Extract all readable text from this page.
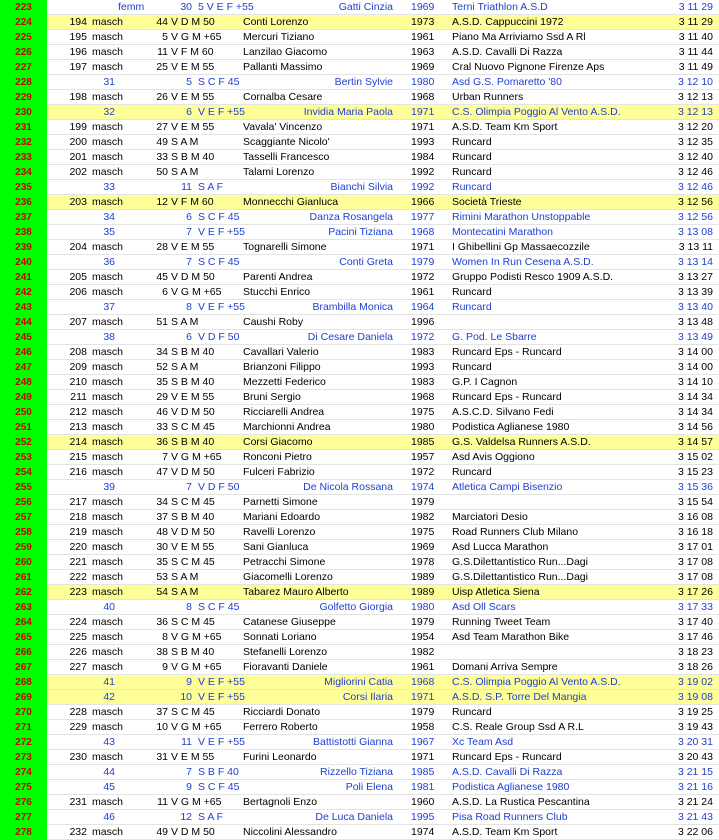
223	femm	30 5 V E F +55	Gatti Cinzia 1969	Terni Triathlon A.S.D	3 11 29
224	194 masch	44 V D M 50	Conti Lorenzo	1973	A.S.D. Cappuccini 1972	3 11 29
225	195 masch	5 V G M +65	Mercuri Tiziano	1961	Piano Ma Arriviamo Ssd A Rl	3 11 40
226	196 masch	11 V F M 60	Lanzilao Giacomo	1963	A.S.D. Cavalli Di Razza	3 11 44
227	197 masch	25 V E M 55	Pallanti Massimo	1969	Cral Nuovo Pignone Firenze Aps	3 11 49
228	31	5 S C F 45	Bertin Sylvie 1980	Asd G.S. Pomaretto '80	3 12 10
229	198 masch	26 V E M 55	Cornalba Cesare	1968	Urban Runners	3 12 13
230	32	6 V E F +55	Invidia Maria Paola 1971	C.S. Olimpia Poggio Al Vento A.S.D.	3 12 13
231	199 masch	27 V E M 55	Vavala' Vincenzo	1971	A.S.D. Team Km Sport	3 12 20
232	200 masch	49 S A M	Scaggiante Nicolo'	1993	Runcard	3 12 35
233	201 masch	33 S B M 40	Tasselli Francesco	1984	Runcard	3 12 40
234	202 masch	50 S A M	Talami Lorenzo	1992	Runcard	3 12 46
235	33	11 S A F	Bianchi Silvia 1992	Runcard	3 12 46
236	203 masch	12 V F M 60	Monnecchi Gianluca	1966	Società Trieste	3 12 56
237	34	6 S C F 45	Danza Rosangela 1977	Rimini Marathon Unstoppable	3 12 56
238	35	7 V E F +55	Pacini Tiziana 1968	Montecatini Marathon	3 13 08
239	204 masch	28 V E M 55	Tognarelli Simone	1971	I Ghibellini Gp Massaecozzile	3 13 11
240	36	7 S C F 45	Conti Greta 1979	Women In Run Cesena A.S.D.	3 13 14
241	205 masch	45 V D M 50	Parenti Andrea	1972	Gruppo Podisti Resco 1909 A.S.D.	3 13 27
242	206 masch	6 V G M +65	Stucchi Enrico	1961	Runcard	3 13 39
243	37	8 V E F +55	Brambilla Monica 1964	Runcard	3 13 40
244	207 masch	51 S A M	Caushi Roby	1996	3 13 48
245	38	6 V D F 50	Di Cesare Daniela 1972	G. Pod. Le Sbarre	3 13 49
246	208 masch	34 S B M 40	Cavallari Valerio	1983	Runcard Eps - Runcard	3 14 00
247	209 masch	52 S A M	Brianzoni Filippo	1993	Runcard	3 14 00
248	210 masch	35 S B M 40	Mezzetti Federico	1983	G.P. I Cagnon	3 14 10
249	211 masch	29 V E M 55	Bruni Sergio	1968	Runcard Eps - Runcard	3 14 34
250	212 masch	46 V D M 50	Ricciarelli Andrea	1975	A.S.C.D. Silvano Fedi	3 14 34
251	213 masch	33 S C M 45	Marchionni Andrea	1980	Podistica Aglianese 1980	3 14 56
252	214 masch	36 S B M 40	Corsi Giacomo	1985	G.S. Valdelsa Runners A.S.D.	3 14 57
253	215 masch	7 V G M +65	Ronconi Pietro	1957	Asd Avis Oggiono	3 15 02
254	216 masch	47 V D M 50	Fulceri Fabrizio	1972	Runcard	3 15 23
255	39	7 V D F 50	De Nicola Rossana 1974	Atletica Campi Bisenzio	3 15 36
256	217 masch	34 S C M 45	Parnetti Simone	1979	3 15 54
257	218 masch	37 S B M 40	Mariani Edoardo	1982	Marciatori Desio	3 16 08
258	219 masch	48 V D M 50	Ravelli Lorenzo	1975	Road Runners Club Milano	3 16 18
259	220 masch	30 V E M 55	Sani Gianluca	1969	Asd Lucca Marathon	3 17 01
260	221 masch	35 S C M 45	Petracchi Simone	1978	G.S.Dilettantistico Run...Dagi	3 17 08
261	222 masch	53 S A M	Giacomelli Lorenzo	1989	G.S.Dilettantistico Run...Dagi	3 17 08
262	223 masch	54 S A M	Tabarez Mauro Alberto	1989	Uisp Atletica Siena	3 17 26
263	40	8 S C F 45	Golfetto Giorgia 1980	Asd Oll Scars	3 17 33
264	224 masch	36 S C M 45	Catanese Giuseppe	1979	Running Tweet Team	3 17 40
265	225 masch	8 V G M +65	Sonnati Loriano	1954	Asd Team Marathon Bike	3 17 46
266	226 masch	38 S B M 40	Stefanelli Lorenzo	1982	3 18 23
267	227 masch	9 V G M +65	Fioravanti Daniele	1961	Domani Arriva Sempre	3 18 26
268	41	9 V E F +55	Migliorini Catia 1968	C.S. Olimpia Poggio Al Vento A.S.D.	3 19 02
269	42	10 V E F +55	Corsi Ilaria 1971	A.S.D. S.P. Torre Del Mangia	3 19 08
270	228 masch	37 S C M 45	Ricciardi Donato	1979	Runcard	3 19 25
271	229 masch	10 V G M +65	Ferrero Roberto	1958	C.S. Reale Group Ssd A R.L	3 19 43
272	43	11 V E F +55	Battistotti Gianna 1967	Xc Team Asd	3 20 31
273	230 masch	31 V E M 55	Furini Leonardo	1971	Runcard Eps - Runcard	3 20 43
274	44	7 S B F 40	Rizzello Tiziana 1985	A.S.D. Cavalli Di Razza	3 21 15
275	45	9 S C F 45	Poli Elena 1981	Podistica Aglianese 1980	3 21 16
276	231 masch	11 V G M +65	Bertagnoli Enzo	1960	A.S.D. La Rustica Pescantina	3 21 24
277	46	12 S A F	De Luca Daniela 1995	Pisa Road Runners Club	3 21 43
278	232 masch	49 V D M 50	Niccolini Alessandro	1974	A.S.D. Team Km Sport	3 22 06
